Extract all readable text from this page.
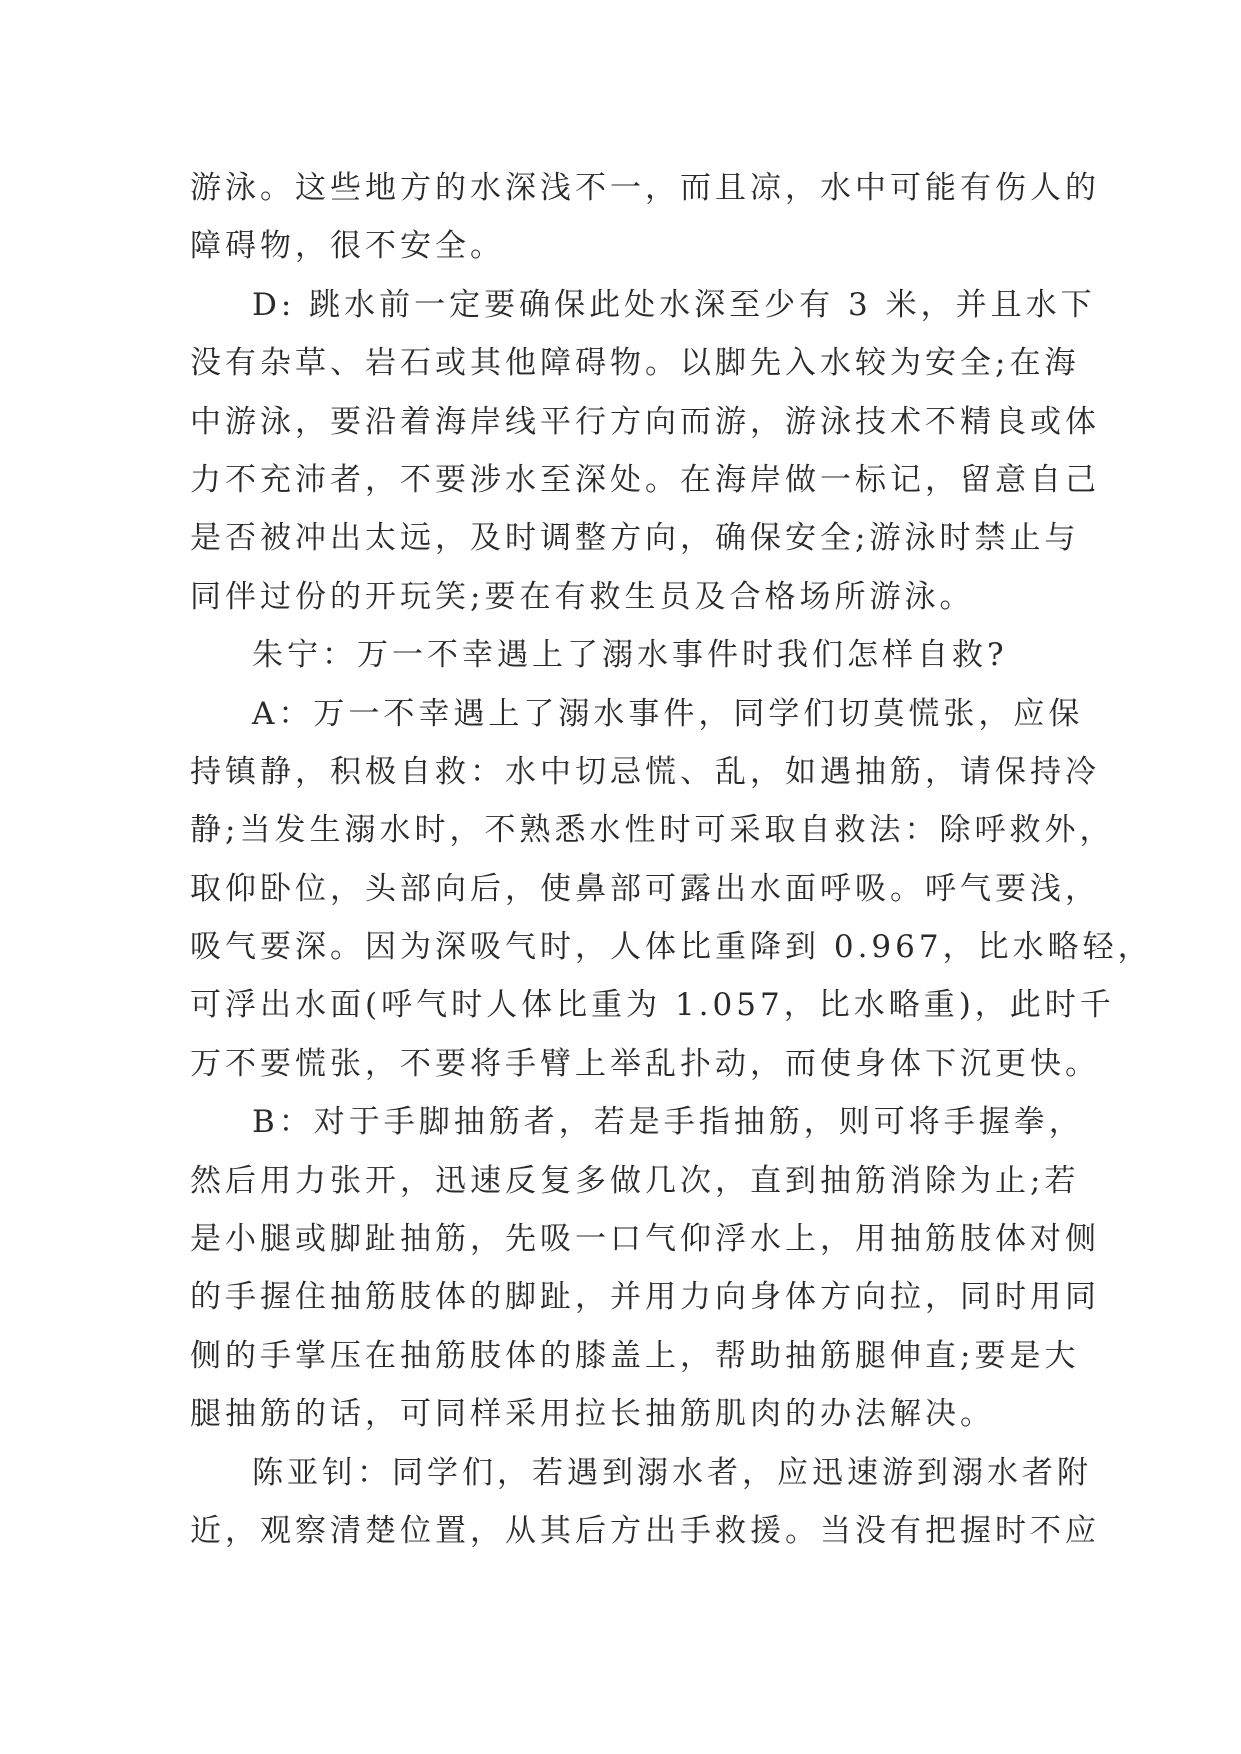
游泳。这些地方的水深浅不一，而且凉，水中可能有伤人的

障碍物，很不安全。

D: 跳水前一定要确保此处水深至少有 3 米，并且水下

没有杂草、岩石或其他障碍物。以脚先入水较为安全;在海

中游泳，要沿着海岸线平行方向而游，游泳技术不精良或体

力不充沛者，不要涉水至深处。在海岸做一标记，留意自己

是否被冲出太远，及时调整方向，确保安全;游泳时禁止与

同伴过份的开玩笑;要在有救生员及合格场所游泳。

朱宁：万一不幸遇上了溺水事件时我们怎样自救?

A：万一不幸遇上了溺水事件，同学们切莫慌张，应保

持镇静，积极自救：水中切忌慌、乱，如遇抽筋，请保持冷

静;当发生溺水时，不熟悉水性时可采取自救法：除呼救外，

取仰卧位，头部向后，使鼻部可露出水面呼吸。呼气要浅，

吸气要深。因为深吸气时，人体比重降到 0.967，比水略轻，

可浮出水面(呼气时人体比重为 1.057，比水略重)，此时千

万不要慌张，不要将手臂上举乱扑动，而使身体下沉更快。

B：对于手脚抽筋者，若是手指抽筋，则可将手握拳，

然后用力张开，迅速反复多做几次，直到抽筋消除为止;若

是小腿或脚趾抽筋，先吸一口气仰浮水上，用抽筋肢体对侧

的手握住抽筋肢体的脚趾，并用力向身体方向拉，同时用同

侧的手掌压在抽筋肢体的膝盖上，帮助抽筋腿伸直;要是大

腿抽筋的话，可同样采用拉长抽筋肌肉的办法解决。

陈亚钊：同学们，若遇到溺水者，应迅速游到溺水者附

近，观察清楚位置，从其后方出手救援。当没有把握时不应
